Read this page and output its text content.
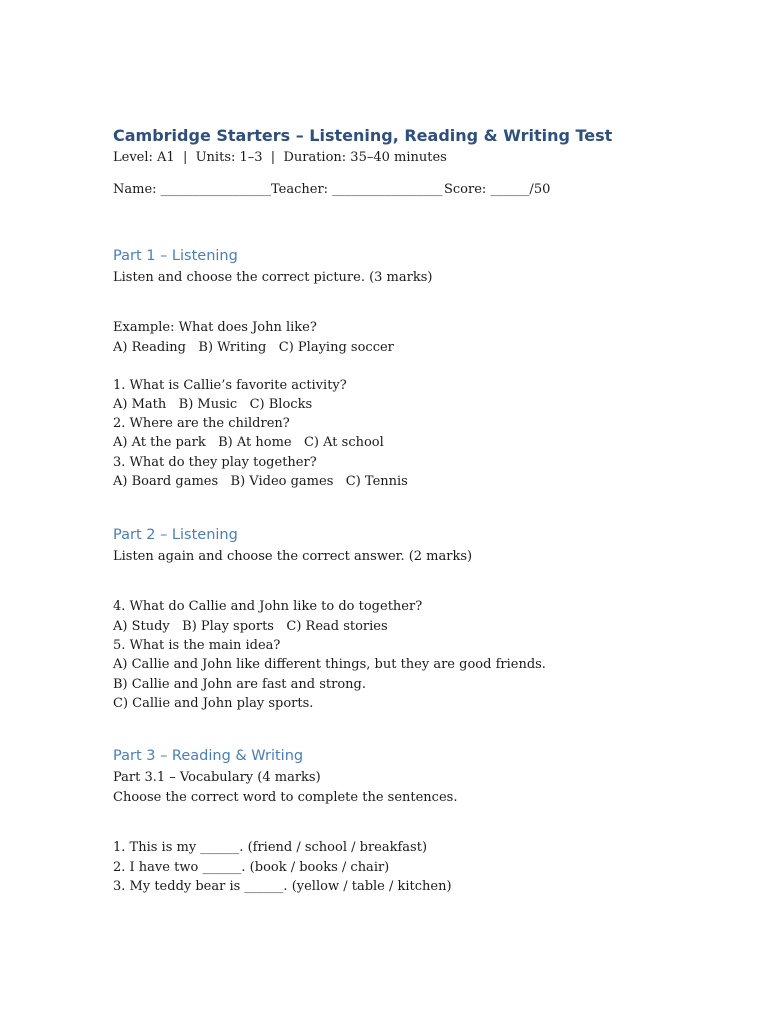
Cambridge Starters – Listening, Reading & Writing Test
Level: A1  |  Units: 1–3  |  Duration: 35–40 minutes
Name: _________________ Teacher: _________________ Score: ______/50
Part 1 – Listening
Listen and choose the correct picture. (3 marks)
Example: What does John like?
A) Reading   B) Writing   C) Playing soccer
1. What is Callie’s favorite activity?
A) Math   B) Music   C) Blocks
2. Where are the children?
A) At the park   B) At home   C) At school
3. What do they play together?
A) Board games   B) Video games   C) Tennis
Part 2 – Listening
Listen again and choose the correct answer. (2 marks)
4. What do Callie and John like to do together?
A) Study   B) Play sports   C) Read stories
5. What is the main idea?
A) Callie and John like different things, but they are good friends.
B) Callie and John are fast and strong.
C) Callie and John play sports.
Part 3 – Reading & Writing
Part 3.1 – Vocabulary (4 marks)
Choose the correct word to complete the sentences.
1. This is my ______. (friend / school / breakfast)
2. I have two ______. (book / books / chair)
3. My teddy bear is ______. (yellow / table / kitchen)
